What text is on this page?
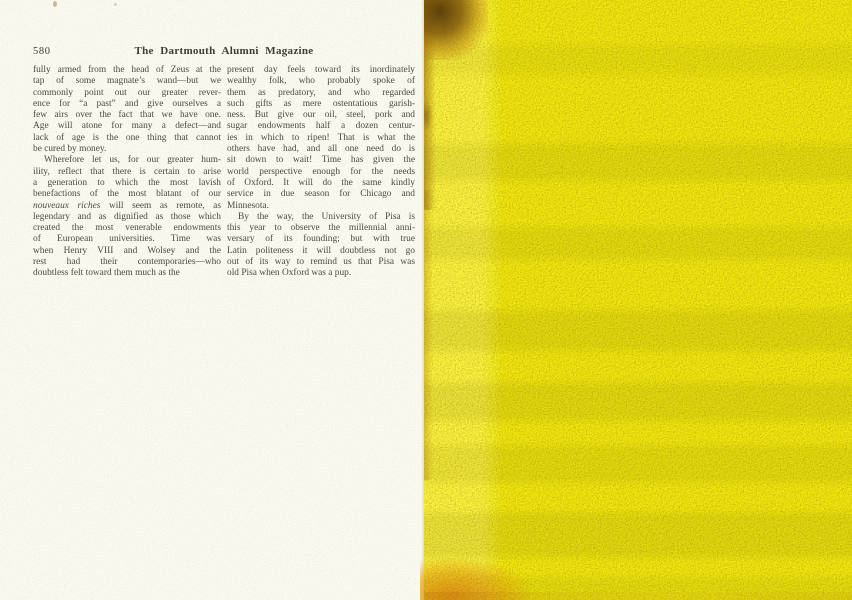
580	The Dartmouth Alumni Magazine
fully armed from the head of Zeus at the
tap of some magnate’s wand—but we
commonly point out our greater rever-
ence for “a past” and give ourselves a
few airs over the fact that we have one.
Age will atone for many a defect—and
lack of age is the one thing that cannot
be cured by money.
Wherefore let us, for our greater hum-
ility, reflect that there is certain to arise
a generation to which the most lavish
benefactions of the most blatant of our
nouveaux riches will seem as remote, as
legendary and as dignified as those which
created the most venerable endowments
of European universities. Time was
when Henry VIII and Wolsey and the
rest had their contemporaries—who
doubtless felt toward them much as the
present day feels toward its inordinately
wealthy folk, who probably spoke of
them as predatory, and who regarded
such gifts as mere ostentatious garish-
ness. But give our oil, steel, pork and
sugar endowments half a dozen centur-
ies in which to ripen! That is what the
others have had, and all one need do is
sit down to wait! Time has given the
world perspective enough for the needs
of Oxford. It will do the same kindly
service in due season for Chicago and
Minnesota.
By the way, the University of Pisa is
this year to observe the millennial anni-
versary of its founding; but with true
Latin politeness it will doubtless not go
out of its way to remind us that Pisa was
old Pisa when Oxford was a pup.
